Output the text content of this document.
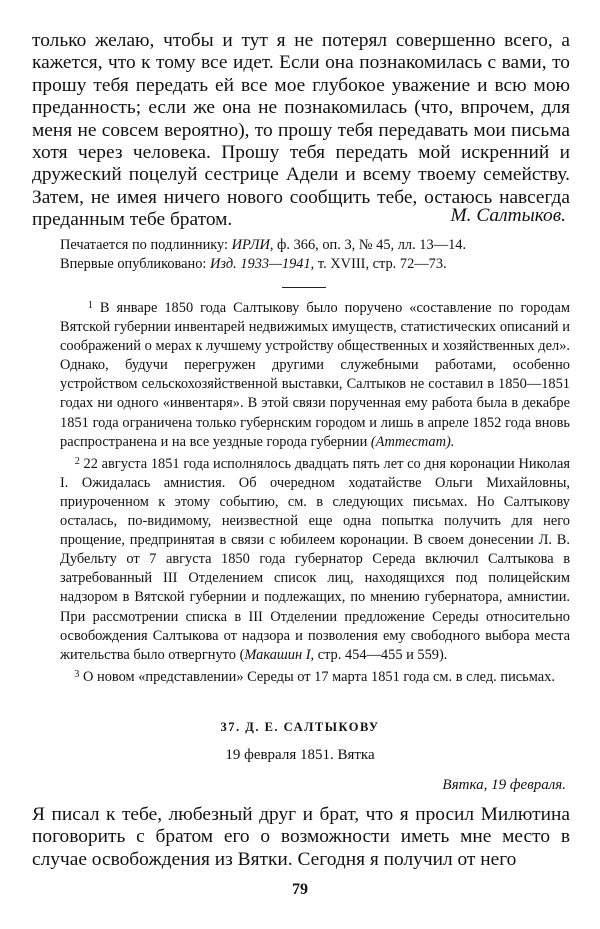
только желаю, чтобы и тут я не потерял совершенно всего, а кажется, что к тому все идет. Если она познакомилась с вами, то прошу тебя передать ей все мое глубокое уважение и всю мою преданность; если же она не познакомилась (что, впрочем, для меня не совсем вероятно), то прошу тебя передавать мои письма хотя через человека. Прошу тебя передать мой искренний и дружеский поцелуй сестрице Адели и всему твоему семейству. Затем, не имея ничего нового сообщить тебе, остаюсь навсегда преданным тебе братом.	М. Салтыков.

Печатается по подлиннику: ИРЛИ, ф. 366, оп. 3, № 45, лл. 13—14.

Впервые опубликовано: Изд. 1933—1941, т. XVIII, стр. 72—73.

$^1$ В январе 1850 года Салтыкову было поручено «составление по городам Вятской губернии инвентарей недвижимых имуществ, статистических описаний и соображений о мерах к лучшему устройству общественных и хозяйственных дел». Однако, будучи перегружен другими служебными работами, особенно устройством сельскохозяйственной выставки, Салтыков не составил в 1850—1851 годах ни одного «инвентаря». В этой связи порученная ему работа была в декабре 1851 года ограничена только губернским городом и лишь в апреле 1852 года вновь распространена и на все уездные города губернии (Аттестат).

$^2$ 22 августа 1851 года исполнялось двадцать пять лет со дня коронации Николая I. Ожидалась амнистия. Об очередном ходатайстве Ольги Михайловны, приуроченном к этому событию, см. в следующих письмах. Но Салтыкову осталась, по-видимому, неизвестной еще одна попытка получить для него прощение, предпринятая в связи с юбилеем коронации. В своем донесении Л. В. Дубельту от 7 августа 1850 года губернатор Середа включил Салтыкова в затребованный III Отделением список лиц, находящихся под полицейским надзором в Вятской губернии и подлежащих, по мнению губернатора, амнистии. При рассмотрении списка в III Отделении предложение Середы относительно освобождения Салтыкова от надзора и позволения ему свободного выбора места жительства было отвергнуто (Макашин I, стр. 454—455 и 559).

$^3$ О новом «представлении» Середы от 17 марта 1851 года см. в след. письмах.

37. Д. Е. САЛТЫКОВУ
19 февраля 1851. Вятка
Вятка, 19 февраля.

Я писал к тебе, любезный друг и брат, что я просил Милютина поговорить с братом его о возможности иметь мне место в случае освобождения из Вятки. Сегодня я получил от него

79
